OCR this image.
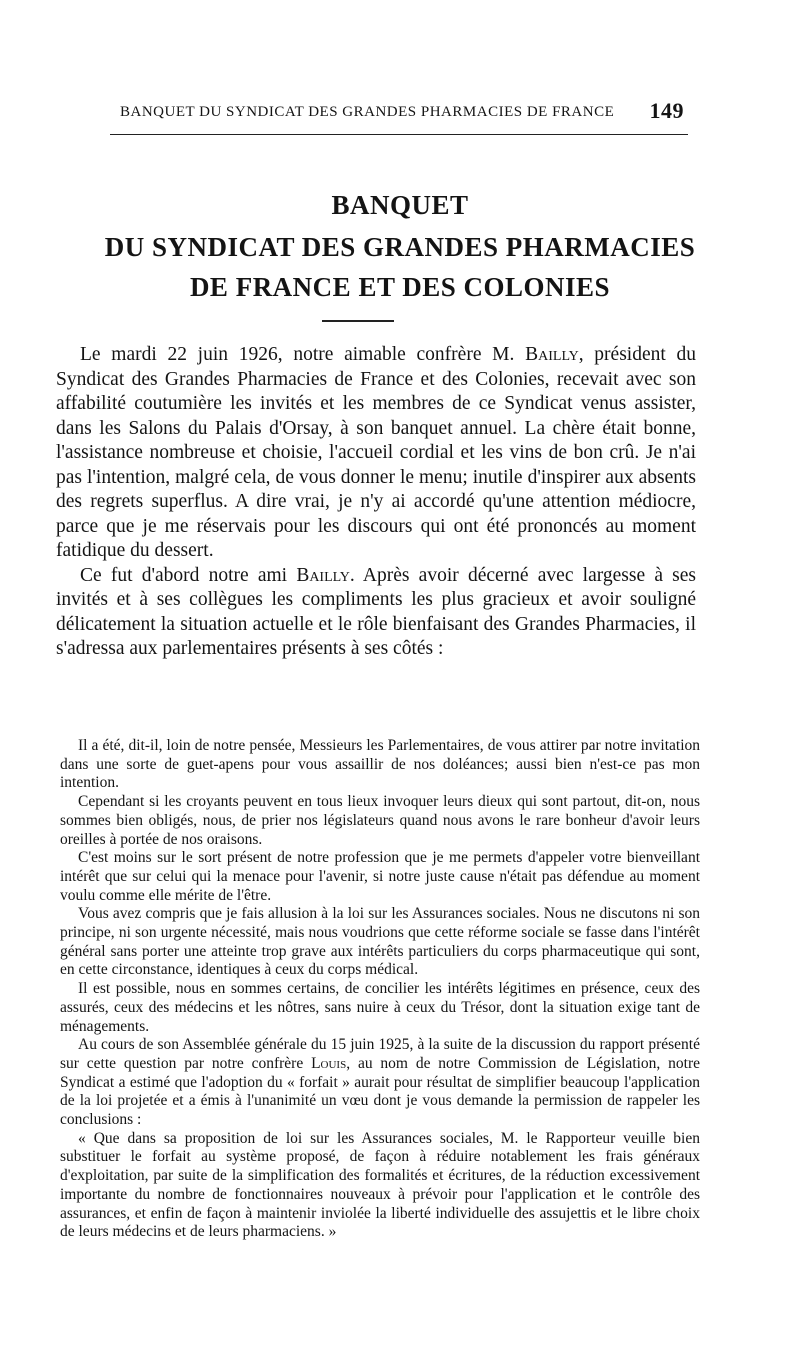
BANQUET DU SYNDICAT DES GRANDES PHARMACIES DE FRANCE 149
BANQUET
DU SYNDICAT DES GRANDES PHARMACIES
DE FRANCE ET DES COLONIES

Le mardi 22 juin 1926, notre aimable confrère M. Bailly, président du Syndicat des Grandes Pharmacies de France et des Colonies, recevait avec son affabilité coutumière les invités et les membres de ce Syndicat venus assister, dans les Salons du Palais d'Orsay, à son banquet annuel. La chère était bonne, l'assistance nombreuse et choisie, l'accueil cordial et les vins de bon crû. Je n'ai pas l'intention, malgré cela, de vous donner le menu; inutile d'inspirer aux absents des regrets superflus. A dire vrai, je n'y ai accordé qu'une attention médiocre, parce que je me réservais pour les discours qui ont été prononcés au moment fatidique du dessert.

Ce fut d'abord notre ami Bailly. Après avoir décerné avec largesse à ses invités et à ses collègues les compliments les plus gracieux et avoir souligné délicatement la situation actuelle et le rôle bienfaisant des Grandes Pharmacies, il s'adressa aux parlementaires présents à ses côtés :

Il a été, dit-il, loin de notre pensée, Messieurs les Parlementaires, de vous attirer par notre invitation dans une sorte de guet-apens pour vous assaillir de nos doléances; aussi bien n'est-ce pas mon intention.

Cependant si les croyants peuvent en tous lieux invoquer leurs dieux qui sont partout, dit-on, nous sommes bien obligés, nous, de prier nos législateurs quand nous avons le rare bonheur d'avoir leurs oreilles à portée de nos oraisons.

C'est moins sur le sort présent de notre profession que je me permets d'appeler votre bienveillant intérêt que sur celui qui la menace pour l'avenir, si notre juste cause n'était pas défendue au moment voulu comme elle mérite de l'être.

Vous avez compris que je fais allusion à la loi sur les Assurances sociales. Nous ne discutons ni son principe, ni son urgente nécessité, mais nous voudrions que cette réforme sociale se fasse dans l'intérêt général sans porter une atteinte trop grave aux intérêts particuliers du corps pharmaceutique qui sont, en cette circonstance, identiques à ceux du corps médical.

Il est possible, nous en sommes certains, de concilier les intérêts légitimes en présence, ceux des assurés, ceux des médecins et les nôtres, sans nuire à ceux du Trésor, dont la situation exige tant de ménagements.

Au cours de son Assemblée générale du 15 juin 1925, à la suite de la discussion du rapport présenté sur cette question par notre confrère Louis, au nom de notre Commission de Législation, notre Syndicat a estimé que l'adoption du « forfait » aurait pour résultat de simplifier beaucoup l'application de la loi projetée et a émis à l'unanimité un vœu dont je vous demande la permission de rappeler les conclusions :

« Que dans sa proposition de loi sur les Assurances sociales, M. le Rapporteur veuille bien substituer le forfait au système proposé, de façon à réduire notablement les frais généraux d'exploitation, par suite de la simplification des formalités et écritures, de la réduction excessivement importante du nombre de fonctionnaires nouveaux à prévoir pour l'application et le contrôle des assurances, et enfin de façon à maintenir inviolée la liberté individuelle des assujettis et le libre choix de leurs médecins et de leurs pharmaciens. »
